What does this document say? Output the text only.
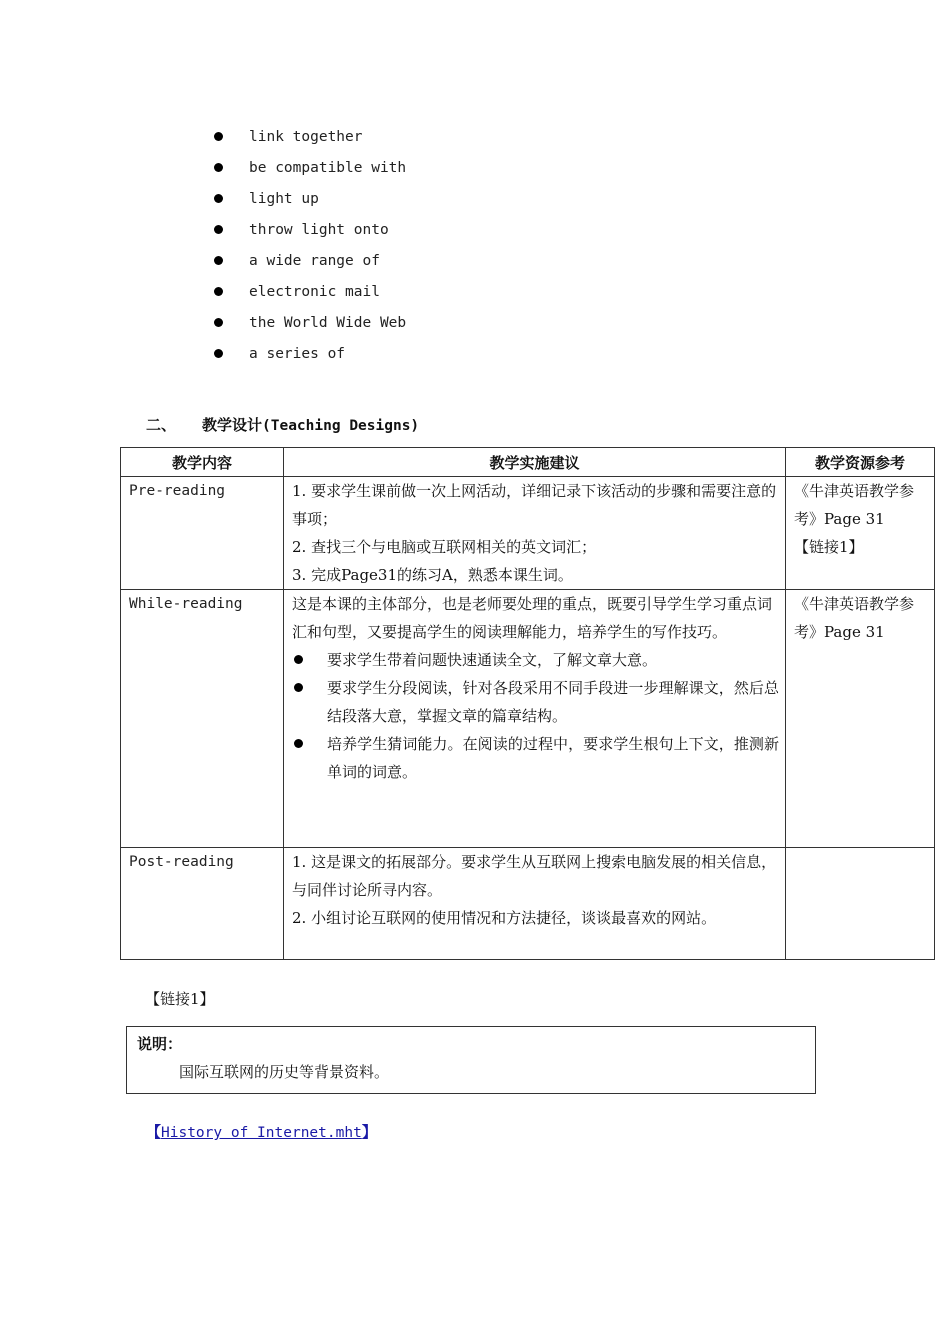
link together
be compatible with
light up
throw light onto
a wide range of
electronic mail
the World Wide Web
a series of
二、 教学设计(Teaching Designs)
教学内容	教学实施建议	教学资源参考

Pre-reading	1. 要求学生课前做一次上网活动，详细记录下该活动的步骤和需要注意的事项；
2. 查找三个与电脑或互联网相关的英文词汇；
3. 完成Page31的练习A，熟悉本课生词。	《牛津英语教学参考》Page 31
【链接1】

While-reading	这是本课的主体部分，也是老师要处理的重点，既要引导学生学习重点词汇和句型，又要提高学生的阅读理解能力，培养学生的写作技巧。
要求学生带着问题快速通读全文，了解文章大意。
要求学生分段阅读，针对各段采用不同手段进一步理解课文，然后总结段落大意，掌握文章的篇章结构。
培养学生猜词能力。在阅读的过程中，要求学生根句上下文，推测新单词的词意。	《牛津英语教学参考》Page 31

Post-reading	1. 这是课文的拓展部分。要求学生从互联网上搜索电脑发展的相关信息，与同伴讨论所寻内容。
2. 小组讨论互联网的使用情况和方法捷径，谈谈最喜欢的网站。	

【链接1】
说明：
国际互联网的历史等背景资料。
【History of Internet.mht】
